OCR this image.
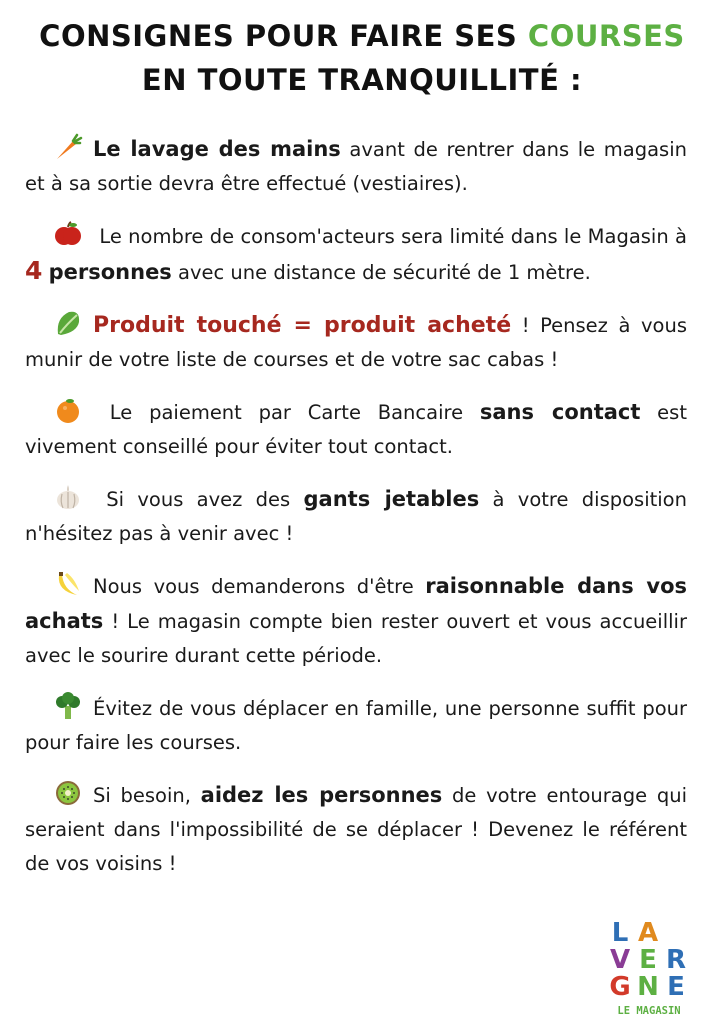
CONSIGNES POUR FAIRE SES COURSES
EN TOUTE TRANQUILLITÉ :

Le lavage des mains avant de rentrer dans le magasin et à sa sortie devra être effectué (vestiaires).

Le nombre de consom'acteurs sera limité dans le Magasin à 4 personnes avec une distance de sécurité de 1 mètre.

Produit touché = produit acheté ! Pensez à vous munir de votre liste de courses et de votre sac cabas !

Le paiement par Carte Bancaire sans contact est vivement conseillé pour éviter tout contact.

Si vous avez des gants jetables à votre disposition n'hésitez pas à venir avec !

Nous vous demanderons d'être raisonnable dans vos achats ! Le magasin compte bien rester ouvert et vous accueillir avec le sourire durant cette période.

Évitez de vous déplacer en famille, une personne suffit pour pour faire les courses.

Si besoin, aidez les personnes de votre entourage qui seraient dans l'impossibilité de se déplacer ! Devenez le référent de vos voisins !

L A
V E R
G N E
LE MAGASIN
